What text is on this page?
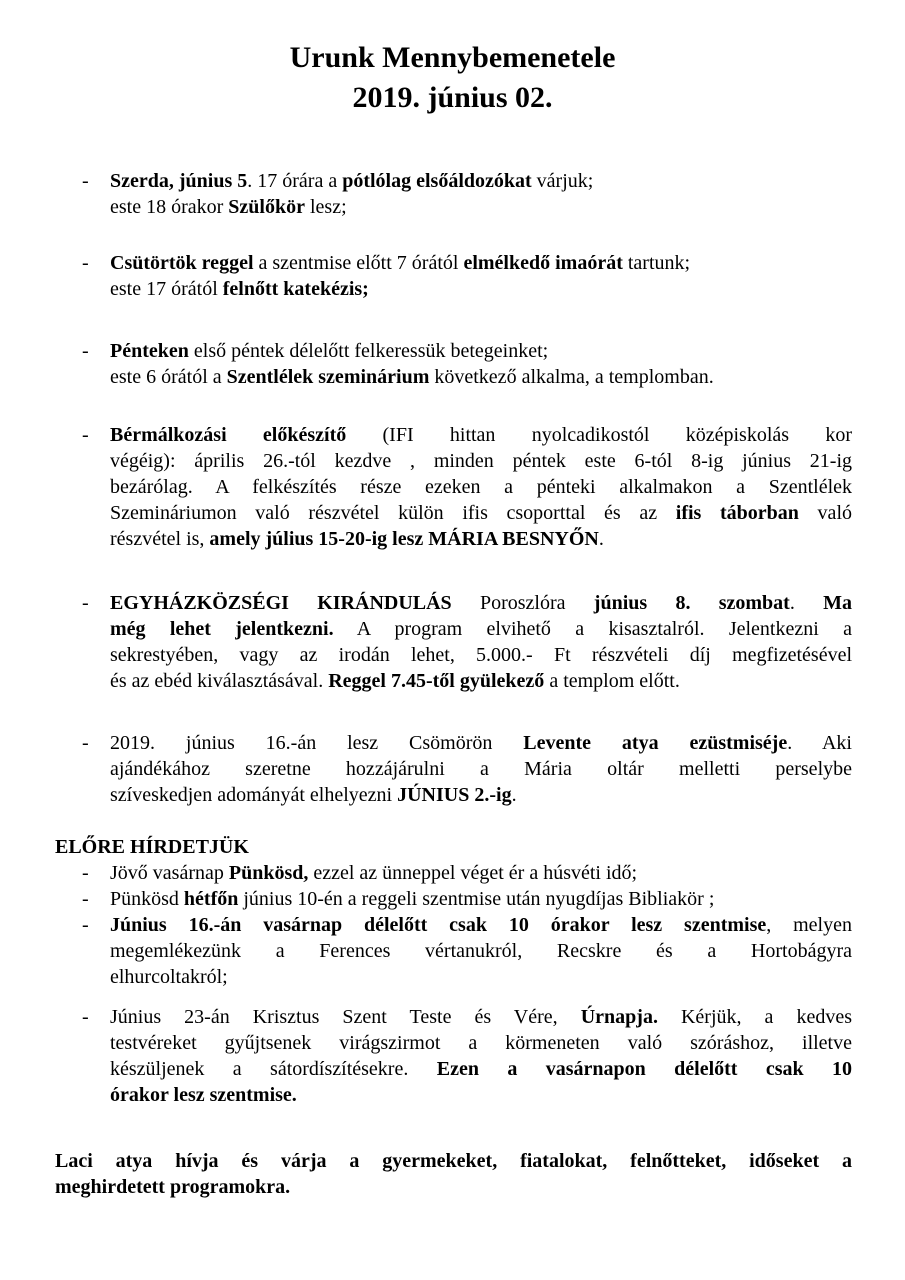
Urunk Mennybemenetele
2019. június 02.
-	Szerda, június 5. 17 órára a pótlólag elsőáldozókat várjuk;
este 18 órakor Szülőkör lesz;
-	Csütörtök reggel a szentmise előtt 7 órától elmélkedő imaórát tartunk;
este 17 órától felnőtt katekézis;
-	Pénteken első péntek délelőtt felkeressük betegeinket;
este 6 órától a Szentlélek szeminárium következő alkalma, a templomban.
-	Bérmálkozási előkészítő (IFI hittan nyolcadikostól középiskolás kor
végéig): április 26.-tól kezdve , minden péntek este 6-tól 8-ig június 21-ig
bezárólag. A felkészítés része ezeken a pénteki alkalmakon a Szentlélek
Szemináriumon való részvétel külön ifis csoporttal és az ifis táborban való
részvétel is, amely július 15-20-ig lesz MÁRIA BESNYŐN.
-	EGYHÁZKÖZSÉGI KIRÁNDULÁS Poroszlóra június 8. szombat. Ma
még lehet jelentkezni. A program elvihető a kisasztalról. Jelentkezni a
sekrestyében, vagy az irodán lehet, 5.000.- Ft részvételi díj megfizetésével
és az ebéd kiválasztásával. Reggel 7.45-től gyülekező a templom előtt.
-	2019. június 16.-án lesz Csömörön Levente atya ezüstmiséje. Aki
ajándékához szeretne hozzájárulni a Mária oltár melletti perselybe
szíveskedjen adományát elhelyezni JÚNIUS 2.-ig.
ELŐRE HÍRDETJÜK
-	Jövő vasárnap Pünkösd, ezzel az ünneppel véget ér a húsvéti idő;
-	Pünkösd hétfőn június 10-én a reggeli szentmise után nyugdíjas Bibliakör ;
-	Június 16.-án vasárnap délelőtt csak 10 órakor lesz szentmise, melyen
megemlékezünk a Ferences vértanukról, Recskre és a Hortobágyra
elhurcoltakról;
-	Június 23-án Krisztus Szent Teste és Vére, Úrnapja. Kérjük, a kedves
testvéreket gyűjtsenek virágszirmot a körmeneten való szóráshoz, illetve
készüljenek a sátordíszítésekre. Ezen a vasárnapon délelőtt csak 10
órakor lesz szentmise.
Laci atya hívja és várja a gyermekeket, fiatalokat, felnőtteket, időseket a
meghirdetett programokra.
